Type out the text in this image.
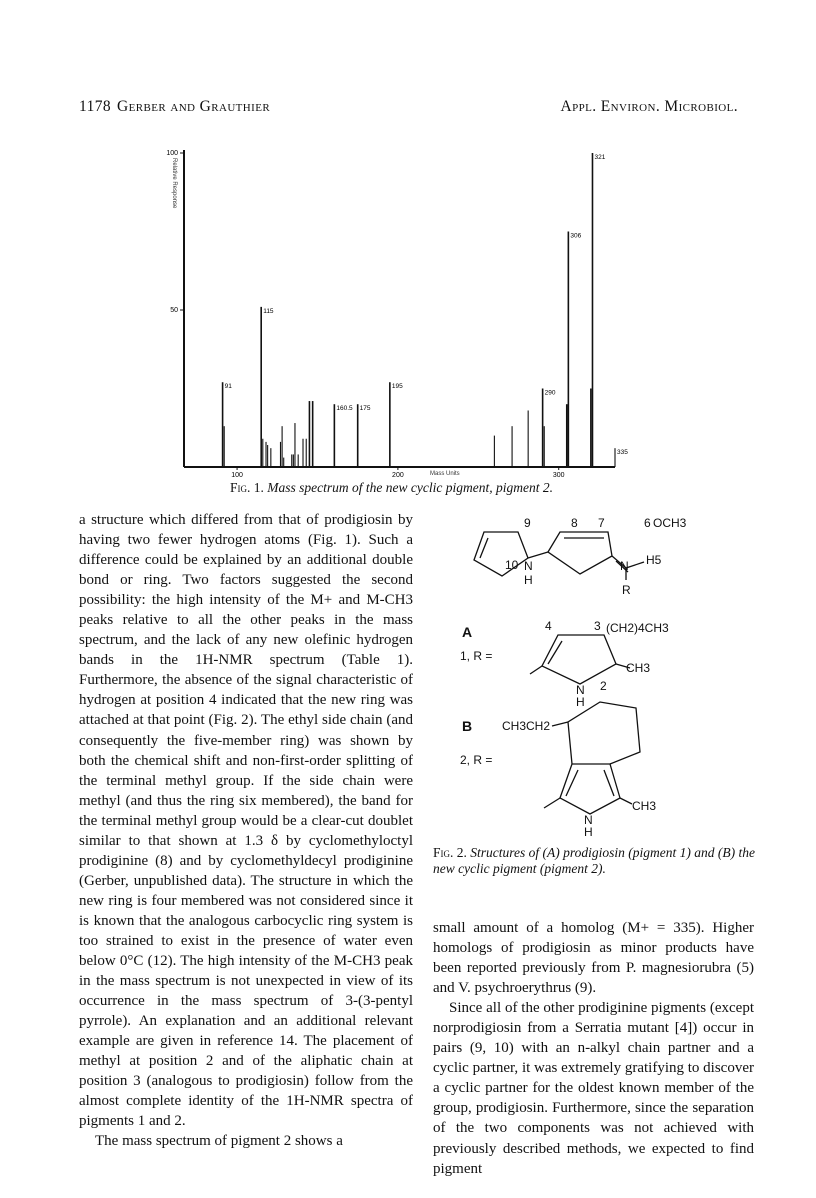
1178 Gerber and Grauthier	Appl. Environ. Microbiol.
50
100
100	200	300
91
115
160.5 175
195
290
306
321
335
Relative Response
Mass Units
Fig. 1. Mass spectrum of the new cyclic pigment, pigment 2.

a structure which differed from that of prodigiosin by having two fewer hydrogen atoms (Fig. 1). Such a difference could be explained by an additional double bond or ring. Two factors suggested the second possibility: the high intensity of the M+ and M-CH3 peaks relative to all the other peaks in the mass spectrum, and the lack of any new olefinic hydrogen bands in the 1H-NMR spectrum (Table 1). Furthermore, the absence of the signal characteristic of hydrogen at position 4 indicated that the new ring was attached at that point (Fig. 2). The ethyl side chain (and consequently the five-member ring) was shown by both the chemical shift and non-first-order splitting of the terminal methyl group. If the side chain were methyl (and thus the ring six membered), the band for the terminal methyl group would be a clear-cut doublet similar to that shown at 1.3 δ by cyclomethyloctyl prodiginine (8) and by cyclomethyldecyl prodiginine (Gerber, unpublished data). The structure in which the new ring is four membered was not considered since it is known that the analogous carbocyclic ring system is too strained to exist in the presence of water even below 0°C (12). The high intensity of the M-CH3 peak in the mass spectrum is not unexpected in view of its occurrence in the mass spectrum of 3-(3-pentyl pyrrole). An explanation and an additional relevant example are given in reference 14. The placement of methyl at position 2 and of the aliphatic chain at position 3 (analogous to prodigiosin) follow from the almost complete identity of the 1H-NMR spectra of pigments 1 and 2.

The mass spectrum of pigment 2 shows a

9	8 7	6 OCH3
10 N
H
N H5
R
A
1, R =
4	3 (CH2)4CH3
N
H
2
CH3
B
2, R =
CH3CH2
N
H
CH3
Fig. 2. Structures of (A) prodigiosin (pigment 1) and (B) the new cyclic pigment (pigment 2).

small amount of a homolog (M+ = 335). Higher homologs of prodigiosin as minor products have been reported previously from P. magnesiorubra (5) and V. psychroerythrus (9).

Since all of the other prodiginine pigments (except norprodigiosin from a Serratia mutant [4]) occur in pairs (9, 10) with an n-alkyl chain partner and a cyclic partner, it was extremely gratifying to discover a cyclic partner for the oldest known member of the group, prodigiosin. Furthermore, since the separation of the two components was not achieved with previously described methods, we expected to find pigment
